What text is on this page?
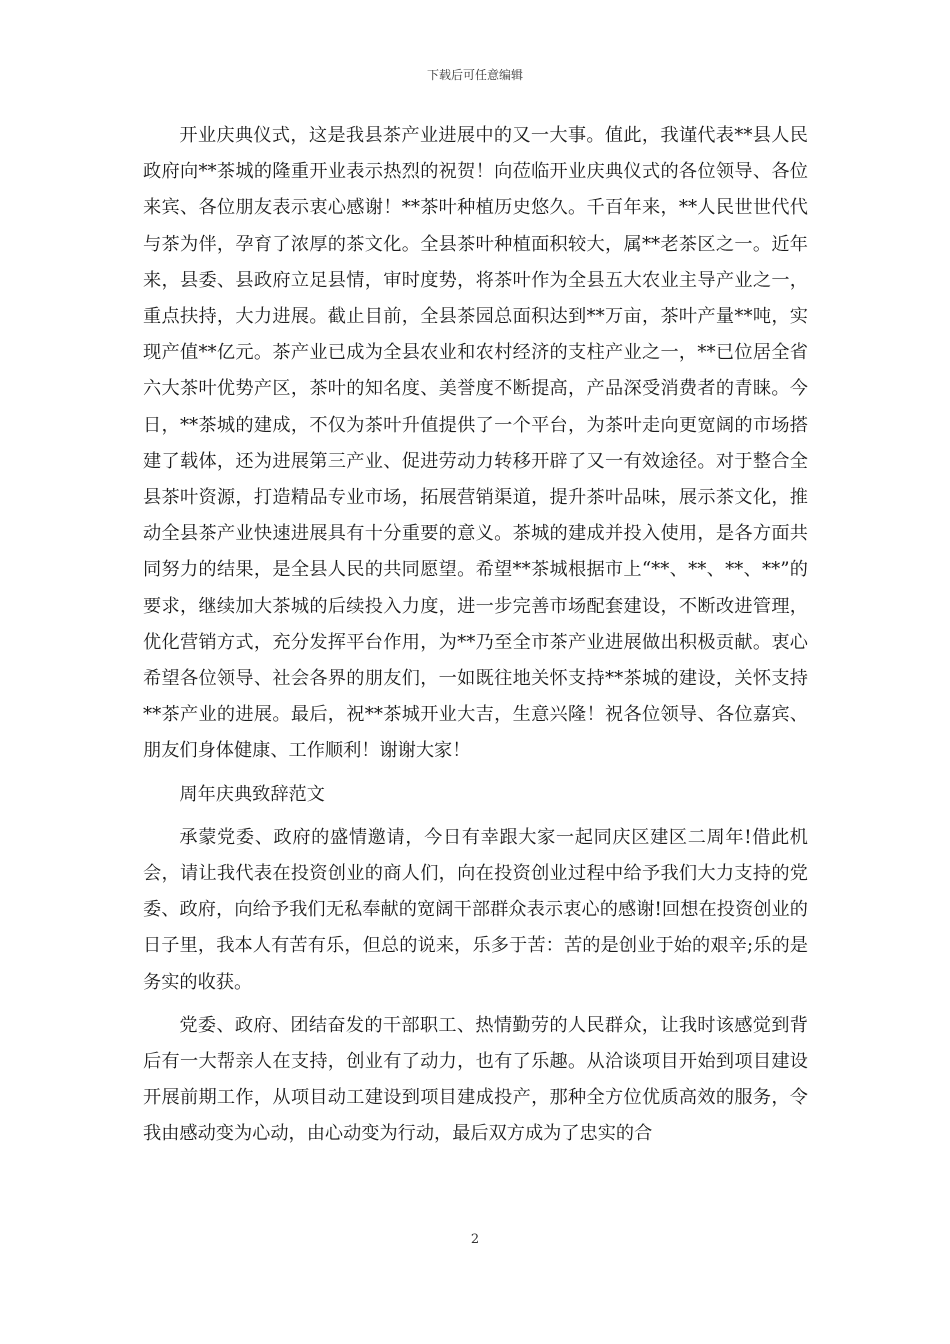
下载后可任意编辑

开业庆典仪式，这是我县茶产业进展中的又一大事。值此，我谨代表**县人民政府向**茶城的隆重开业表示热烈的祝贺！向莅临开业庆典仪式的各位领导、各位来宾、各位朋友表示衷心感谢！**茶叶种植历史悠久。千百年来，**人民世世代代与茶为伴，孕育了浓厚的茶文化。全县茶叶种植面积较大，属**老茶区之一。近年来，县委、县政府立足县情，审时度势，将茶叶作为全县五大农业主导产业之一，重点扶持，大力进展。截止目前，全县茶园总面积达到**万亩，茶叶产量**吨，实现产值**亿元。茶产业已成为全县农业和农村经济的支柱产业之一，**已位居全省六大茶叶优势产区，茶叶的知名度、美誉度不断提高，产品深受消费者的青睐。今日，**茶城的建成，不仅为茶叶升值提供了一个平台，为茶叶走向更宽阔的市场搭建了载体，还为进展第三产业、促进劳动力转移开辟了又一有效途径。对于整合全县茶叶资源，打造精品专业市场，拓展营销渠道，提升茶叶品味，展示茶文化，推动全县茶产业快速进展具有十分重要的意义。茶城的建成并投入使用，是各方面共同努力的结果，是全县人民的共同愿望。希望**茶城根据市上“**、**、**、**”的要求，继续加大茶城的后续投入力度，进一步完善市场配套建设，不断改进管理，优化营销方式，充分发挥平台作用，为**乃至全市茶产业进展做出积极贡献。衷心希望各位领导、社会各界的朋友们，一如既往地关怀支持**茶城的建设，关怀支持**茶产业的进展。最后，祝**茶城开业大吉，生意兴隆！祝各位领导、各位嘉宾、朋友们身体健康、工作顺利！谢谢大家！

周年庆典致辞范文

承蒙党委、政府的盛情邀请，今日有幸跟大家一起同庆区建区二周年!借此机会，请让我代表在投资创业的商人们，向在投资创业过程中给予我们大力支持的党委、政府，向给予我们无私奉献的宽阔干部群众表示衷心的感谢!回想在投资创业的日子里，我本人有苦有乐，但总的说来，乐多于苦：苦的是创业于始的艰辛;乐的是务实的收获。

党委、政府、团结奋发的干部职工、热情勤劳的人民群众，让我时该感觉到背后有一大帮亲人在支持，创业有了动力，也有了乐趣。从洽谈项目开始到项目建设开展前期工作，从项目动工建设到项目建成投产，那种全方位优质高效的服务，令我由感动变为心动，由心动变为行动，最后双方成为了忠实的合

2
